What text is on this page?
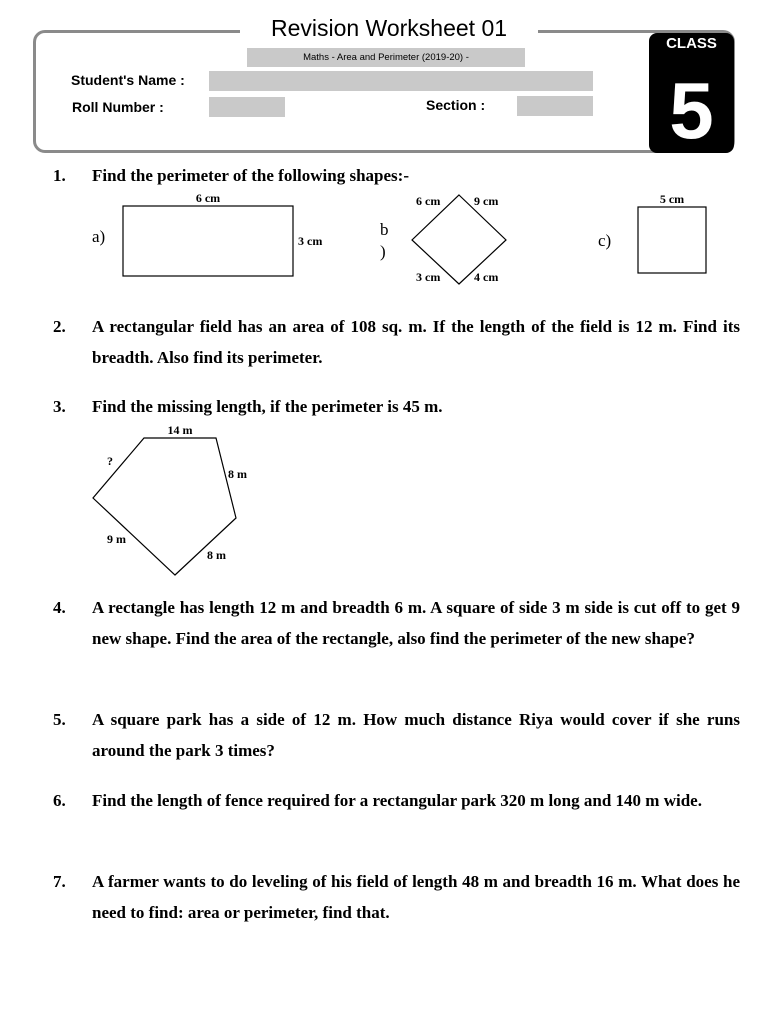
Revision Worksheet 01
Maths - Area and Perimeter (2019-20) -
Student's Name :
Roll Number :	Section :
CLASS
5
1. Find the perimeter of the following shapes:-

a)
6 cm
3 cm
b
)
6 cm	9 cm
3 cm	4 cm
c)
5 cm
2. A rectangular field has an area of 108 sq. m. If the length of the field is 12 m. Find its breadth. Also find its perimeter.

3. Find the missing length, if the perimeter is 45 m.

14 m
?
8 m
9 m
8 m
4. A rectangle has length 12 m and breadth 6 m. A square of side 3 m side is cut off to get 9 new shape. Find the area of the rectangle, also find the perimeter of the new shape?

5. A square park has a side of 12 m. How much distance Riya would cover if she runs around the park 3 times?

6. Find the length of fence required for a rectangular park 320 m long and 140 m wide.

7. A farmer wants to do leveling of his field of length 48 m and breadth 16 m. What does he need to find: area or perimeter, find that.
